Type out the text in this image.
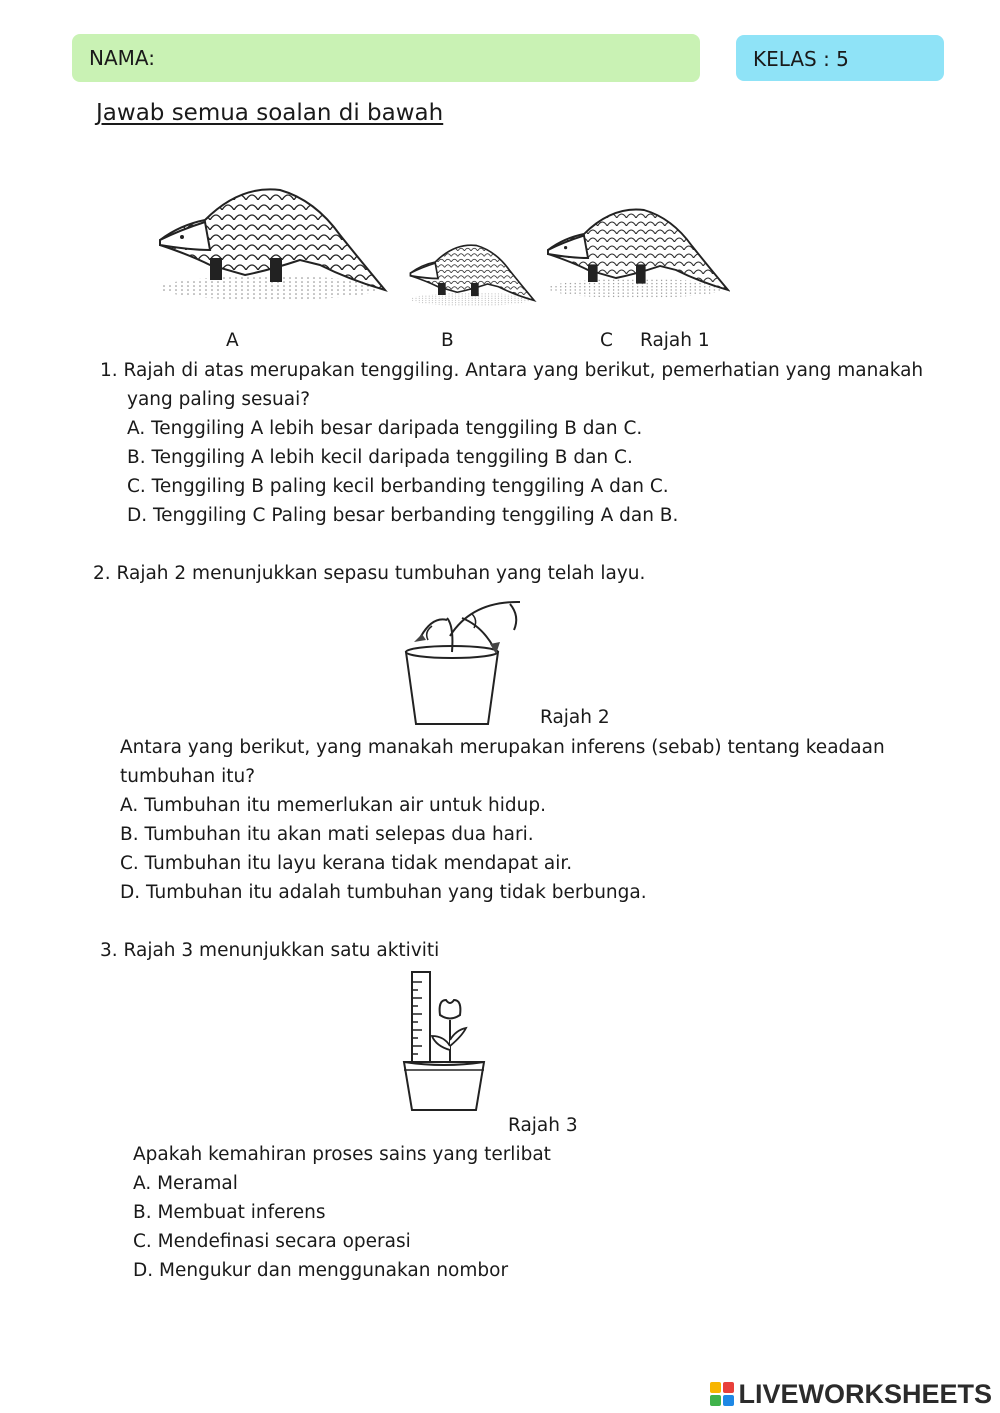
NAMA:	KELAS : 5
Jawab semua soalan di bawah
A	B	C Rajah 1
1. Rajah di atas merupakan tenggiling. Antara yang berikut, pemerhatian yang manakah
yang paling sesuai?
A. Tenggiling A lebih besar daripada tenggiling B dan C.
B. Tenggiling A lebih kecil daripada tenggiling B dan C.
C. Tenggiling B paling kecil berbanding tenggiling A dan C.
D. Tenggiling C Paling besar berbanding tenggiling A dan B.
2. Rajah 2 menunjukkan sepasu tumbuhan yang telah layu.
Rajah 2
Antara yang berikut, yang manakah merupakan inferens (sebab) tentang keadaan
tumbuhan itu?
A. Tumbuhan itu memerlukan air untuk hidup.
B. Tumbuhan itu akan mati selepas dua hari.
C. Tumbuhan itu layu kerana tidak mendapat air.
D. Tumbuhan itu adalah tumbuhan yang tidak berbunga.
3. Rajah 3 menunjukkan satu aktiviti
Rajah 3
Apakah kemahiran proses sains yang terlibat
A. Meramal
B. Membuat inferens
C. Mendefinasi secara operasi
D. Mengukur dan menggunakan nombor
LIVEWORKSHEETS
